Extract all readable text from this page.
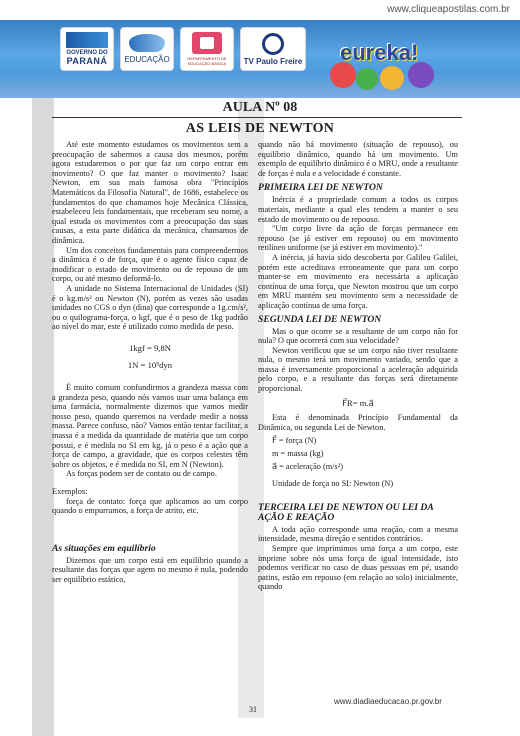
www.cliqueapostilas.com.br
GOVERNO DO
PARANÁ EDUCAÇÃO	DEPARTAMENTO DE EDUCAÇÃO BÁSICA	TV Paulo Freire eureka!
AULA Nº 08
AS LEIS DE NEWTON

Até este momento estudamos os movimentos sem a preocupação de sabermos a causa dos mesmos, porém agora estudaremos o por que faz um corpo entrar em movimento? O que faz manter o movimento? Isaac Newton, em sua mais famosa obra "Princípios Matemáticos da Filosofia Natural", de 1686, estabelece os fundamentos do que chamamos hoje Mecânica Clássica, estabeleceu leis fundamentais, que receberam seu nome, a qual estuda os movimentos com a preocupação das suas causas, a esta parte didática da mecânica, chamamos de dinâmica.

Um dos conceitos fundamentais para compreendermos a dinâmica é o de força, que é o agente físico capaz de modificar o estado de movimento ou de repouso de um corpo, ou até mesmo deformá-lo.

A unidade no Sistema Internacional de Unidades (SI) é o kg.m/s² ou Newton (N), porém as vezes são usadas unidades no CGS o dyn (dina) que corresponde a 1g.cm/s², ou o quilograma-força, o kgf, que é o peso de 1kg padrão ao nível do mar, este é utilizado como medida de peso.

1kgf = 9,8N
1N = 10⁵dyn

É muito comum confundirmos a grandeza massa com a grandeza peso, quando nós vamos usar uma balança em uma farmácia, normalmente dizemos que vamos medir nosso peso, quando queremos na verdade medir a nossa massa. Parece confuso, não? Vamos então tentar facilitar, a massa é a medida da quantidade de matéria que um corpo possui, e é medida no SI em kg, já o peso é a ação que a força de campo, a gravidade, que os corpos celestes têm sobre os objetos, e é medida no SI, em N (Newton).

As forças podem ser de contato ou de campo.

Exemplos:

força de contato: força que aplicamos ao um corpo quando o empurramos, a força de atrito, etc.

As situações em equilíbrio

Dizemos que um corpo está em equilíbrio quando a resultante das forças que agem no mesmo é nula, podendo ser equilíbrio estático,

quando não há movimento (situação de repouso), ou equilíbrio dinâmico, quando há um movimento. Um exemplo de equilíbrio dinâmico é o MRU, onde a resultante de forças é nula e a velocidade é constante.

PRIMEIRA LEI DE NEWTON

Inércia é a propriedade comum a todos os corpos materiais, mediante a qual eles tendem a manter o seu estado de movimento ou de repouso.

"Um corpo livre da ação de forças permanece em repouso (se já estiver em repouso) ou em movimento retilíneo uniforme (se já estiver em movimento)."

A inércia, já havia sido descoberta por Galileu Galilei, porém este acreditava erroneamente que para um corpo manter-se em movimento era necessária a aplicação contínua de uma força, que Newton mostrou que um corpo em MRU mantém seu movimento sem a necessidade de aplicação contínua de uma força.

SEGUNDA LEI DE NEWTON

Mas o que ocorre se a resultante de um corpo não for nula? O que ocorrerá com sua velocidade?

Newton verificou que se um corpo não tiver resultante nula, o mesmo terá um movimento variado, sendo que a massa é inversamente proporcional a aceleração adquirida pelo corpo, e a resultante das forças será diretamente proporcional.

F⃗R= m.a⃗

Esta é denominada Princípio Fundamental da Dinâmica, ou segunda Lei de Newton.

F⃗ = força (N)
m = massa (kg)
a⃗ = aceleração (m/s²)

Unidade de força no SI: Newton (N)

TERCEIRA LEI DE NEWTON OU LEI DA AÇÃO E REAÇÃO

A toda ação corresponde uma reação, com a mesma intensidade, mesma direção e sentidos contrários.

Sempre que imprimimos uma força a um corpo, este imprime sobre nós uma força de igual intensidade, isto podemos verificar no caso de duas pessoas em pé, usando patins, estão em repouso (em relação ao solo) inicialmente, quando

www.diadiaeducacao.pr.gov.br
31
